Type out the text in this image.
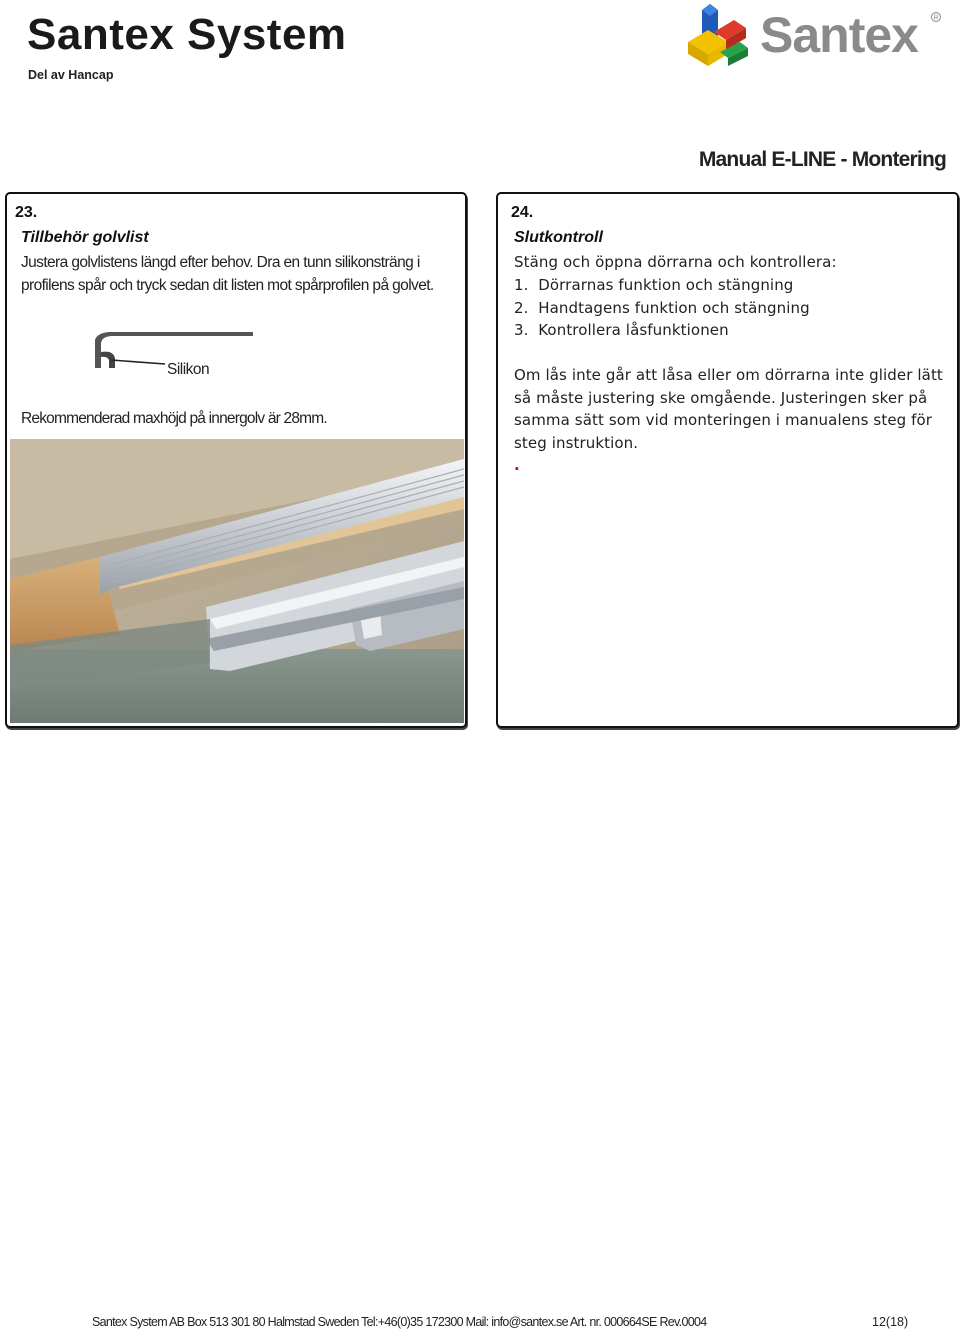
Santex System
Del av Hancap
Santex R
Manual E-LINE - Montering
23.
Tillbehör golvlist
Justera golvlistens längd efter behov. Dra en tunn silikonsträng i profilens spår och tryck sedan dit listen mot spårprofilen på golvet.
Silikon
Rekommenderad maxhöjd på innergolv är 28mm.
24.
Slutkontroll
Stäng och öppna dörrarna och kontrollera:
1.  Dörrarnas funktion och stängning
2.  Handtagens funktion och stängning
3.  Kontrollera låsfunktionen
Om lås inte går att låsa eller om dörrarna inte glider lätt så måste justering ske omgående. Justeringen sker på samma sätt som vid monteringen i manualens steg för steg instruktion.
.
Santex System AB Box 513 301 80 Halmstad Sweden Tel:+46(0)35 172300 Mail: info@santex.se Art. nr. 000664SE Rev.0004	12(18)
